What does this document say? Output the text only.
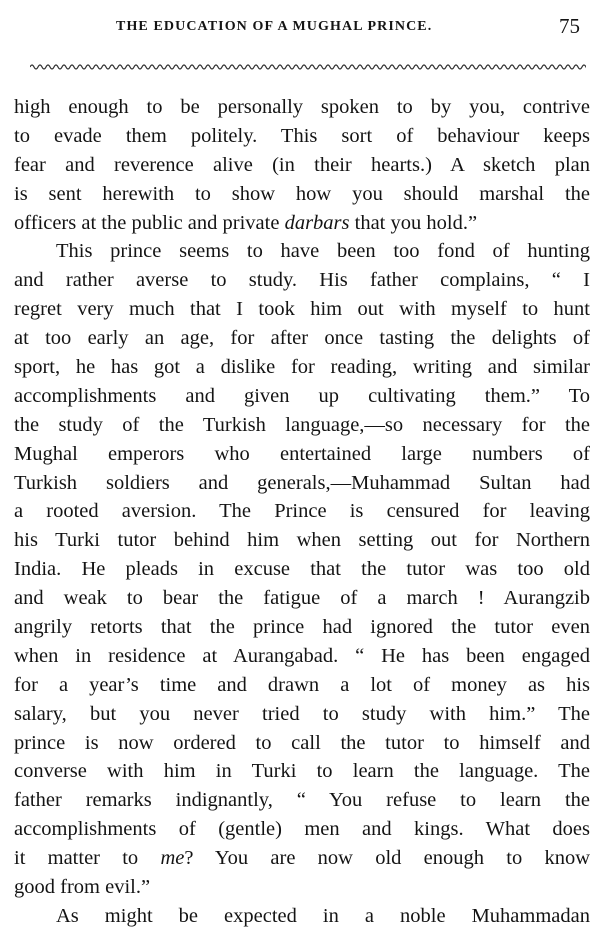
THE EDUCATION OF A MUGHAL PRINCE.	75
high enough to be personally spoken to by you, contrive
to evade them politely. This sort of behaviour keeps
fear and reverence alive (in their hearts.) A sketch plan
is sent herewith to show how you should marshal the
officers at the public and private darbars that you hold.”
This prince seems to have been too fond of hunting
and rather averse to study. His father complains, “ I
regret very much that I took him out with myself to hunt
at too early an age, for after once tasting the delights of
sport, he has got a dislike for reading, writing and similar
accomplishments and given up cultivating them.” To
the study of the Turkish language,—so necessary for the
Mughal emperors who entertained large numbers of
Turkish soldiers and generals,—Muhammad Sultan had
a rooted aversion. The Prince is censured for leaving
his Turki tutor behind him when setting out for Northern
India. He pleads in excuse that the tutor was too old
and weak to bear the fatigue of a march ! Aurangzib
angrily retorts that the prince had ignored the tutor even
when in residence at Aurangabad. “ He has been engaged
for a year’s time and drawn a lot of money as his
salary, but you never tried to study with him.” The
prince is now ordered to call the tutor to himself and
converse with him in Turki to learn the language. The
father remarks indignantly, “ You refuse to learn the
accomplishments of (gentle) men and kings. What does
it matter to me? You are now old enough to know
good from evil.”
As might be expected in a noble Muhammadan
